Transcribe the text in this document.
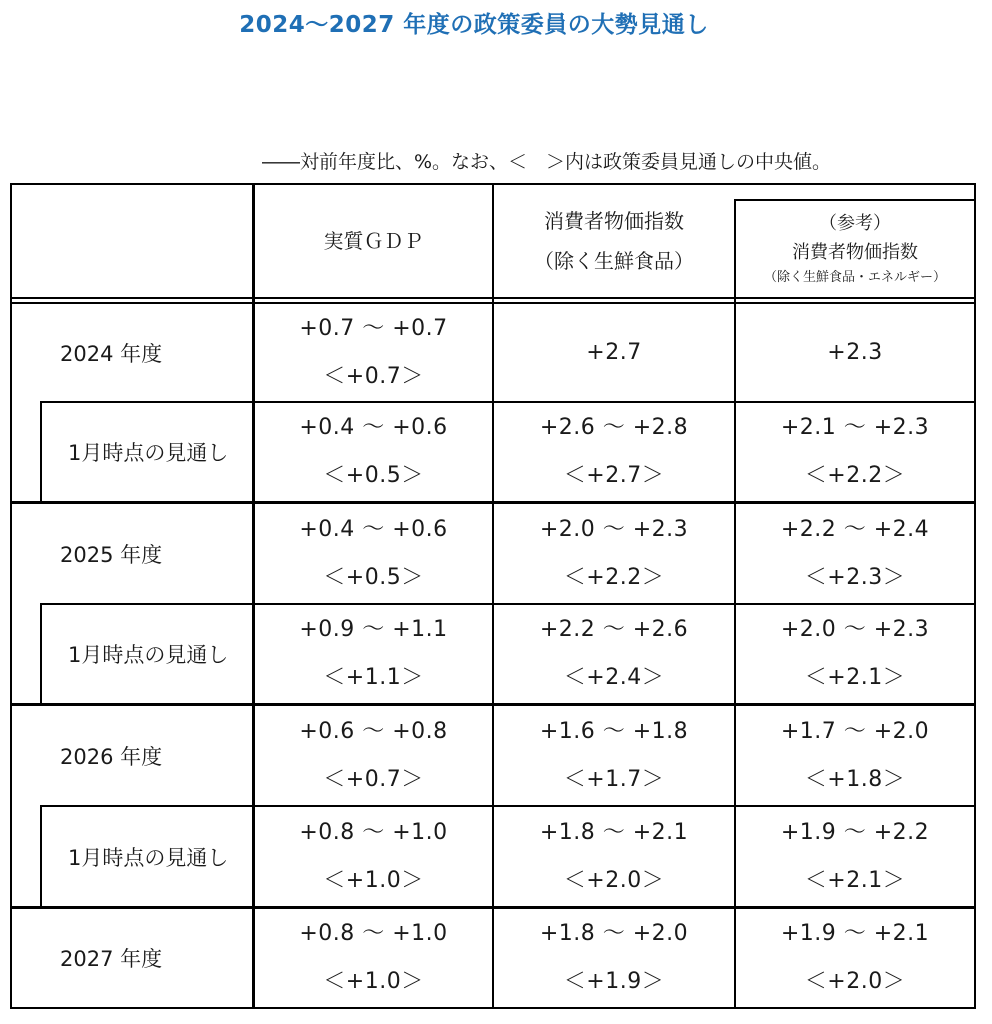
2024～2027 年度の政策委員の大勢見通し
――対前年度比、%。なお、＜　＞内は政策委員見通しの中央値。
実質ＧＤＰ
消費者物価指数
（除く生鮮食品）
（参考）
消費者物価指数
（除く生鮮食品・エネルギー）
2024 年度
+0.7 ～ +0.7
＜+0.7＞
+2.7	+2.3
1月時点の見通し
+0.4 ～ +0.6
＜+0.5＞
+2.6 ～ +2.8
＜+2.7＞
+2.1 ～ +2.3
＜+2.2＞
2025 年度
+0.4 ～ +0.6
＜+0.5＞
+2.0 ～ +2.3
＜+2.2＞
+2.2 ～ +2.4
＜+2.3＞
1月時点の見通し
+0.9 ～ +1.1
＜+1.1＞
+2.2 ～ +2.6
＜+2.4＞
+2.0 ～ +2.3
＜+2.1＞
2026 年度
+0.6 ～ +0.8
＜+0.7＞
+1.6 ～ +1.8
＜+1.7＞
+1.7 ～ +2.0
＜+1.8＞
1月時点の見通し
+0.8 ～ +1.0
＜+1.0＞
+1.8 ～ +2.1
＜+2.0＞
+1.9 ～ +2.2
＜+2.1＞
2027 年度
+0.8 ～ +1.0
＜+1.0＞
+1.8 ～ +2.0
＜+1.9＞
+1.9 ～ +2.1
＜+2.0＞
